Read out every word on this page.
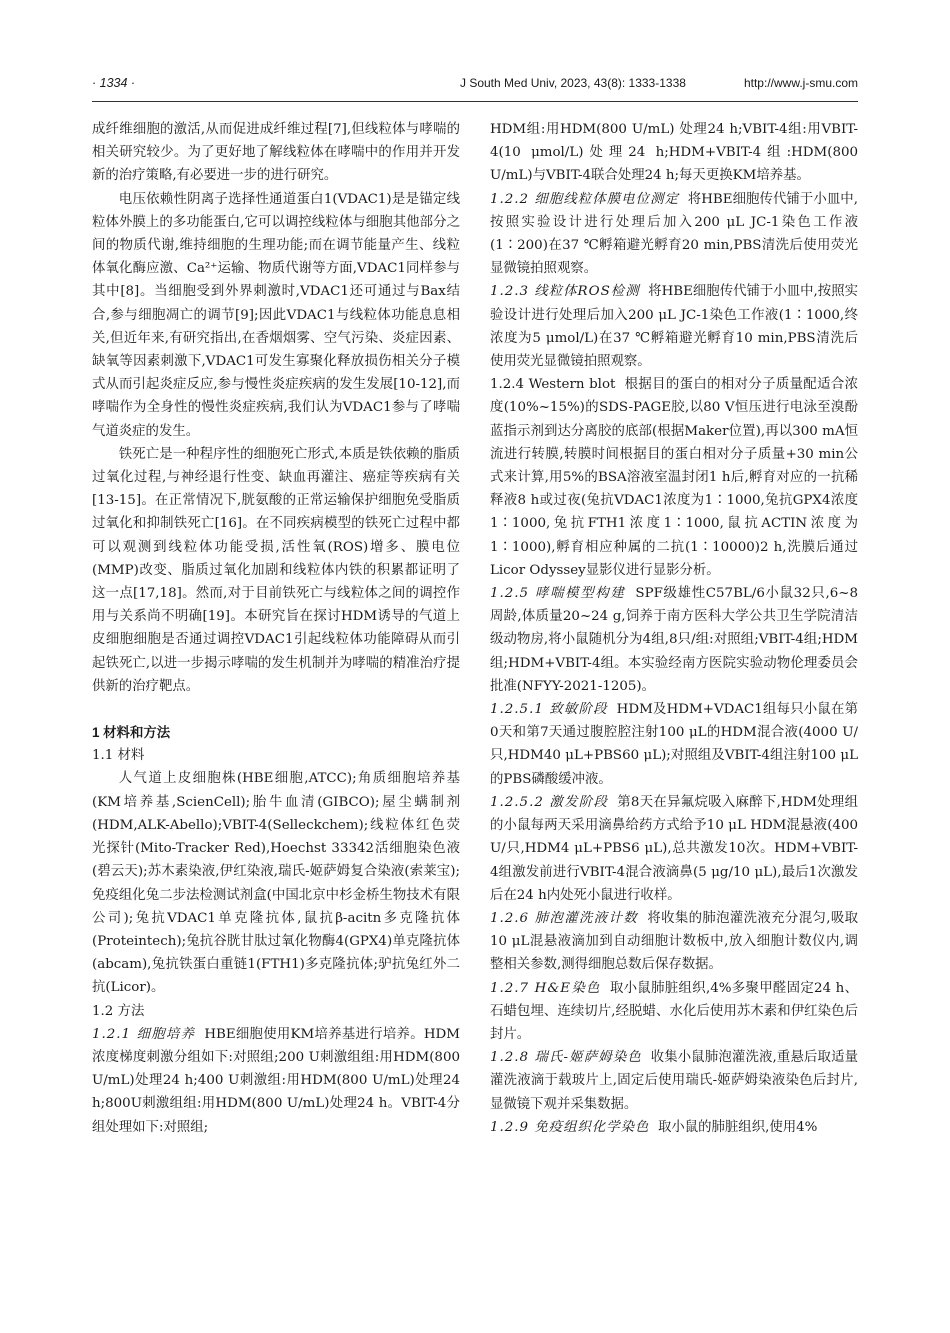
· 1334 ·	J South Med Univ, 2023, 43(8): 1333-1338	http://www.j-smu.com

成纤维细胞的激活,从而促进成纤维过程[7],但线粒体与哮喘的相关研究较少。为了更好地了解线粒体在哮喘中的作用并开发新的治疗策略,有必要进一步的进行研究。

电压依赖性阴离子选择性通道蛋白1(VDAC1)是是锚定线粒体外膜上的多功能蛋白,它可以调控线粒体与细胞其他部分之间的物质代谢,维持细胞的生理功能;而在调节能量产生、线粒体氧化酶应激、Ca²⁺运输、物质代谢等方面,VDAC1同样参与其中[8]。当细胞受到外界刺激时,VDAC1还可通过与Bax结合,参与细胞凋亡的调节[9];因此VDAC1与线粒体功能息息相关,但近年来,有研究指出,在香烟烟雾、空气污染、炎症因素、缺氧等因素刺激下,VDAC1可发生寡聚化释放损伤相关分子模式从而引起炎症反应,参与慢性炎症疾病的发生发展[10-12],而哮喘作为全身性的慢性炎症疾病,我们认为VDAC1参与了哮喘气道炎症的发生。

铁死亡是一种程序性的细胞死亡形式,本质是铁依赖的脂质过氧化过程,与神经退行性变、缺血再灌注、癌症等疾病有关[13-15]。在正常情况下,胱氨酸的正常运输保护细胞免受脂质过氧化和抑制铁死亡[16]。在不同疾病模型的铁死亡过程中都可以观测到线粒体功能受损,活性氧(ROS)增多、膜电位(MMP)改变、脂质过氧化加剧和线粒体内铁的积累都证明了这一点[17,18]。然而,对于目前铁死亡与线粒体之间的调控作用与关系尚不明确[19]。本研究旨在探讨HDM诱导的气道上皮细胞细胞是否通过调控VDAC1引起线粒体功能障碍从而引起铁死亡,以进一步揭示哮喘的发生机制并为哮喘的精准治疗提供新的治疗靶点。

1 材料和方法

1.1 材料

人气道上皮细胞株(HBE细胞,ATCC);角质细胞培养基(KM培养基,ScienCell);胎牛血清(GIBCO);屋尘螨制剂(HDM,ALK-Abello);VBIT-4(Selleckchem);线粒体红色荧光探针(Mito-Tracker Red),Hoechst 33342活细胞染色液(碧云天);苏木素染液,伊红染液,瑞氏-姬萨姆复合染液(索莱宝);免疫组化兔二步法检测试剂盒(中国北京中杉金桥生物技术有限公司);兔抗VDAC1单克隆抗体,鼠抗β-acitn多克隆抗体(Proteintech);兔抗谷胱甘肽过氧化物酶4(GPX4)单克隆抗体(abcam),兔抗铁蛋白重链1(FTH1)多克隆抗体;驴抗兔红外二抗(Licor)。

1.2 方法

1.2.1 细胞培养 HBE细胞使用KM培养基进行培养。HDM浓度梯度刺激分组如下:对照组;200 U刺激组组:用HDM(800 U/mL)处理24 h;400 U刺激组:用HDM(800 U/mL)处理24 h;800U刺激组组:用HDM(800 U/mL)处理24 h。VBIT-4分组处理如下:对照组;

HDM组:用HDM(800 U/mL) 处理24 h;VBIT-4组:用VBIT-4(10 μmol/L)处理24 h;HDM+VBIT-4组:HDM(800 U/mL)与VBIT-4联合处理24 h;每天更换KM培养基。

1.2.2 细胞线粒体膜电位测定 将HBE细胞传代铺于小皿中,按照实验设计进行处理后加入200 μL JC-1染色工作液(1∶200)在37 ℃孵箱避光孵育20 min,PBS清洗后使用荧光显微镜拍照观察。

1.2.3 线粒体ROS检测 将HBE细胞传代铺于小皿中,按照实验设计进行处理后加入200 μL JC-1染色工作液(1∶1000,终浓度为5 μmol/L)在37 ℃孵箱避光孵育10 min,PBS清洗后使用荧光显微镜拍照观察。

1.2.4 Western blot 根据目的蛋白的相对分子质量配适合浓度(10%~15%)的SDS-PAGE胶,以80 V恒压进行电泳至溴酚蓝指示剂到达分离胶的底部(根据Maker位置),再以300 mA恒流进行转膜,转膜时间根据目的蛋白相对分子质量+30 min公式来计算,用5%的BSA溶液室温封闭1 h后,孵育对应的一抗稀释液8 h或过夜(兔抗VDAC1浓度为1∶1000,兔抗GPX4浓度1∶1000,兔抗FTH1浓度1∶1000,鼠抗ACTIN浓度为1∶1000),孵育相应种属的二抗(1∶10000)2 h,洗膜后通过Licor Odyssey显影仪进行显影分析。

1.2.5 哮喘模型构建 SPF级雄性C57BL/6小鼠32只,6~8周龄,体质量20~24 g,饲养于南方医科大学公共卫生学院清洁级动物房,将小鼠随机分为4组,8只/组:对照组;VBIT-4组;HDM组;HDM+VBIT-4组。本实验经南方医院实验动物伦理委员会批准(NFYY-2021-1205)。

1.2.5.1 致敏阶段 HDM及HDM+VDAC1组每只小鼠在第0天和第7天通过腹腔腔注射100 μL的HDM混合液(4000 U/只,HDM40 μL+PBS60 μL);对照组及VBIT-4组注射100 μL的PBS磷酸缓冲液。

1.2.5.2 激发阶段 第8天在异氟烷吸入麻醉下,HDM处理组的小鼠每两天采用滴鼻给药方式给予10 μL HDM混悬液(400 U/只,HDM4 μL+PBS6 μL),总共激发10次。HDM+VBIT-4组激发前进行VBIT-4混合液滴鼻(5 μg/10 μL),最后1次激发后在24 h内处死小鼠进行收样。

1.2.6 肺泡灌洗液计数 将收集的肺泡灌洗液充分混匀,吸取10 μL混悬液滴加到自动细胞计数板中,放入细胞计数仪内,调整相关参数,测得细胞总数后保存数据。

1.2.7 H&E染色 取小鼠肺脏组织,4%多聚甲醛固定24 h、石蜡包埋、连续切片,经脱蜡、水化后使用苏木素和伊红染色后封片。

1.2.8 瑞氏-姬萨姆染色 收集小鼠肺泡灌洗液,重悬后取适量灌洗液滴于载玻片上,固定后使用瑞氏-姬萨姆染液染色后封片,显微镜下观并采集数据。

1.2.9 免疫组织化学染色 取小鼠的肺脏组织,使用4%
